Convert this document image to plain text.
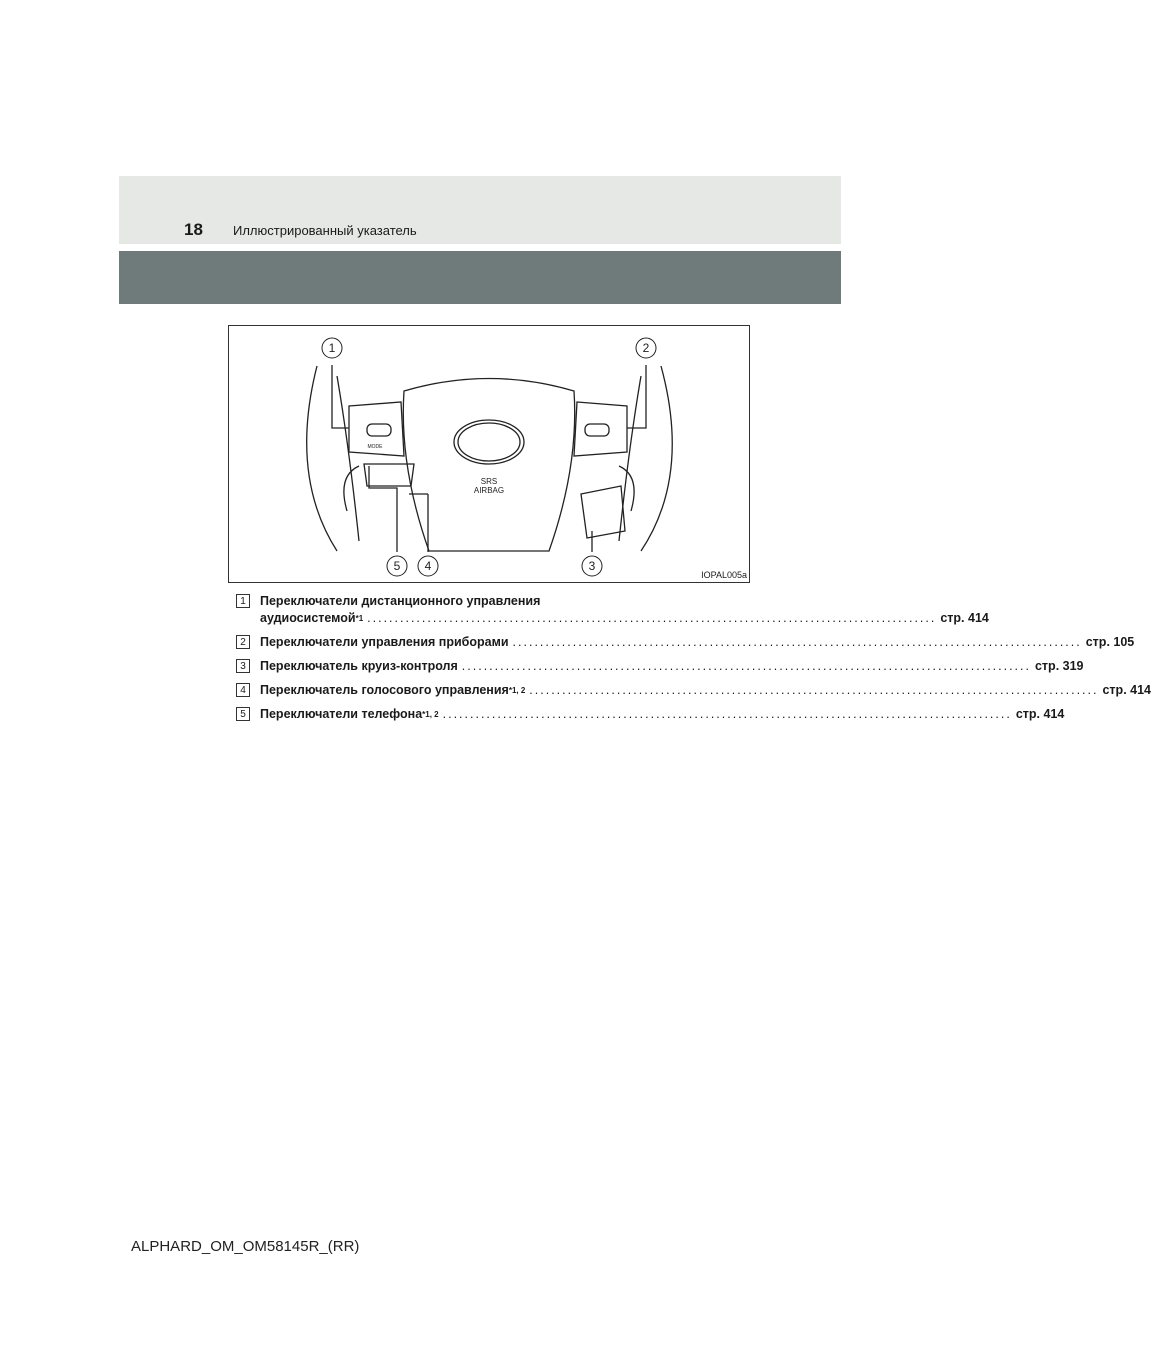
18 Иллюстрированный указатель
1	2
3
4
5
SRS
AIRBAG
MODE
IOPAL005a
1	Переключатели дистанционного управления
аудиосистемой *1 ........................................................................................................ стр. 414
2	Переключатели управления приборами ........................................................................................................ стр. 105
3	Переключатель круиз-контроля ........................................................................................................ стр. 319
4	Переключатель голосового управления *1, 2 ........................................................................................................ стр. 414
5	Переключатели телефона *1, 2 ........................................................................................................ стр. 414
ALPHARD_OM_OM58145R_(RR)
